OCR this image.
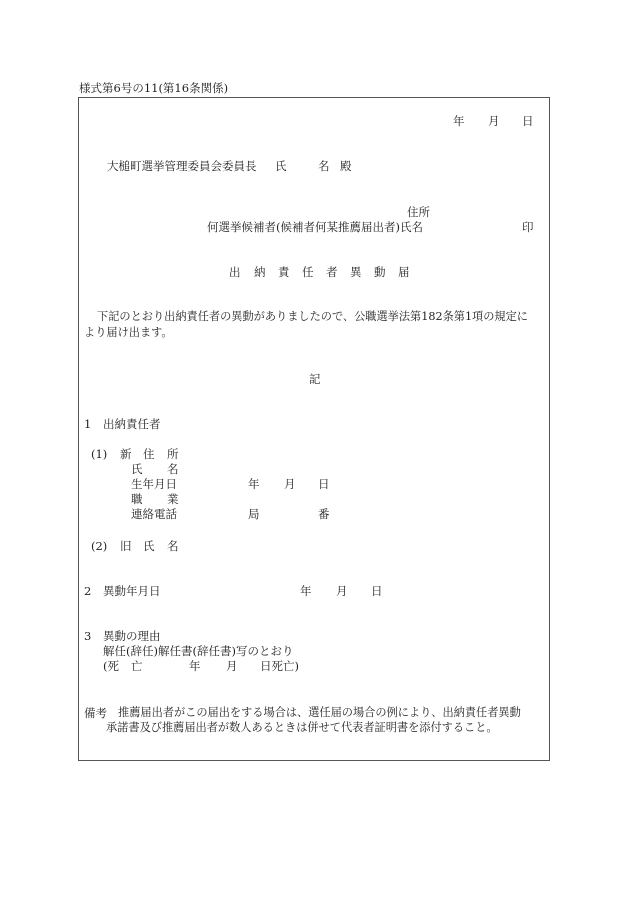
様式第6号の11(第16条関係)
年 月 日
大槌町選挙管理委員会委員長 氏	名 殿
住所
何選挙候補者(候補者何某推薦届出者)氏名	印
出 納 責 任 者 異 動 届
下記のとおり出納責任者の異動がありましたので、公職選挙法第182条第1項の規定に
より届け出ます。
記
1 出納責任者
(1) 新 住 所
氏 名
生年月日	年 月 日
職 業
連絡電話	局	番
(2) 旧 氏 名
2 異動年月日	年 月 日
3 異動の理由
解任(辞任)解任書(辞任書)写のとおり
(死 亡	年 月 日死亡)
備考 推薦届出者がこの届出をする場合は、選任届の場合の例により、出納責任者異動
承諾書及び推薦届出者が数人あるときは併せて代表者証明書を添付すること。
